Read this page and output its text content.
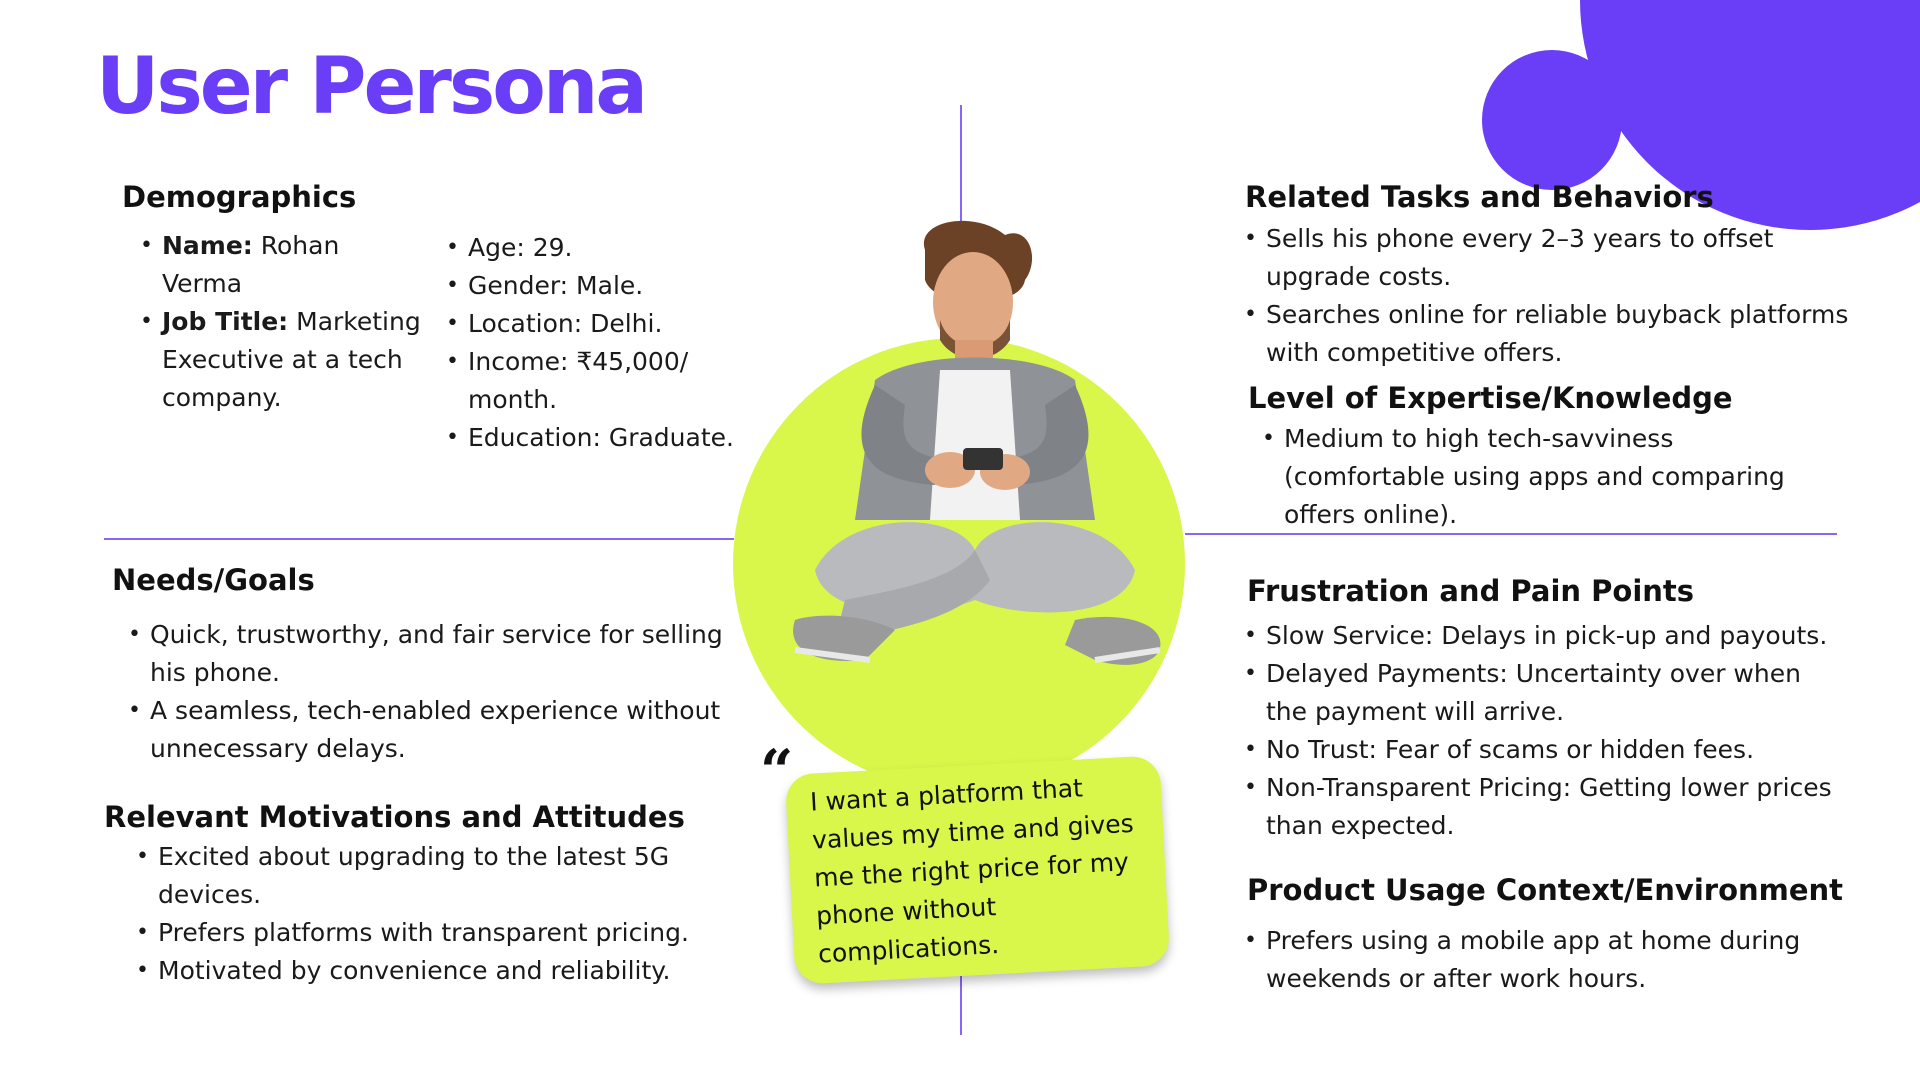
User Persona
Demographics
• Name: Rohan Verma
• Job Title: Marketing Executive at a tech company.
• Age: 29.
• Gender: Male.
• Location: Delhi.
• Income: ₹45,000/ month.
• Education: Graduate.
Needs/Goals
• Quick, trustworthy, and fair service for selling his phone.
• A seamless, tech-enabled experience without unnecessary delays.
Relevant Motivations and Attitudes
• Excited about upgrading to the latest 5G devices.
• Prefers platforms with transparent pricing.
• Motivated by convenience and reliability.
“ I want a platform that values my time and gives me the right price for my phone without complications.
Related Tasks and Behaviors
• Sells his phone every 2–3 years to offset upgrade costs.
• Searches online for reliable buyback platforms with competitive offers.
Level of Expertise/Knowledge
• Medium to high tech-savviness (comfortable using apps and comparing offers online).
Frustration and Pain Points
• Slow Service: Delays in pick-up and payouts.
• Delayed Payments: Uncertainty over when the payment will arrive.
• No Trust: Fear of scams or hidden fees.
• Non-Transparent Pricing: Getting lower prices than expected.
Product Usage Context/Environment
• Prefers using a mobile app at home during weekends or after work hours.
